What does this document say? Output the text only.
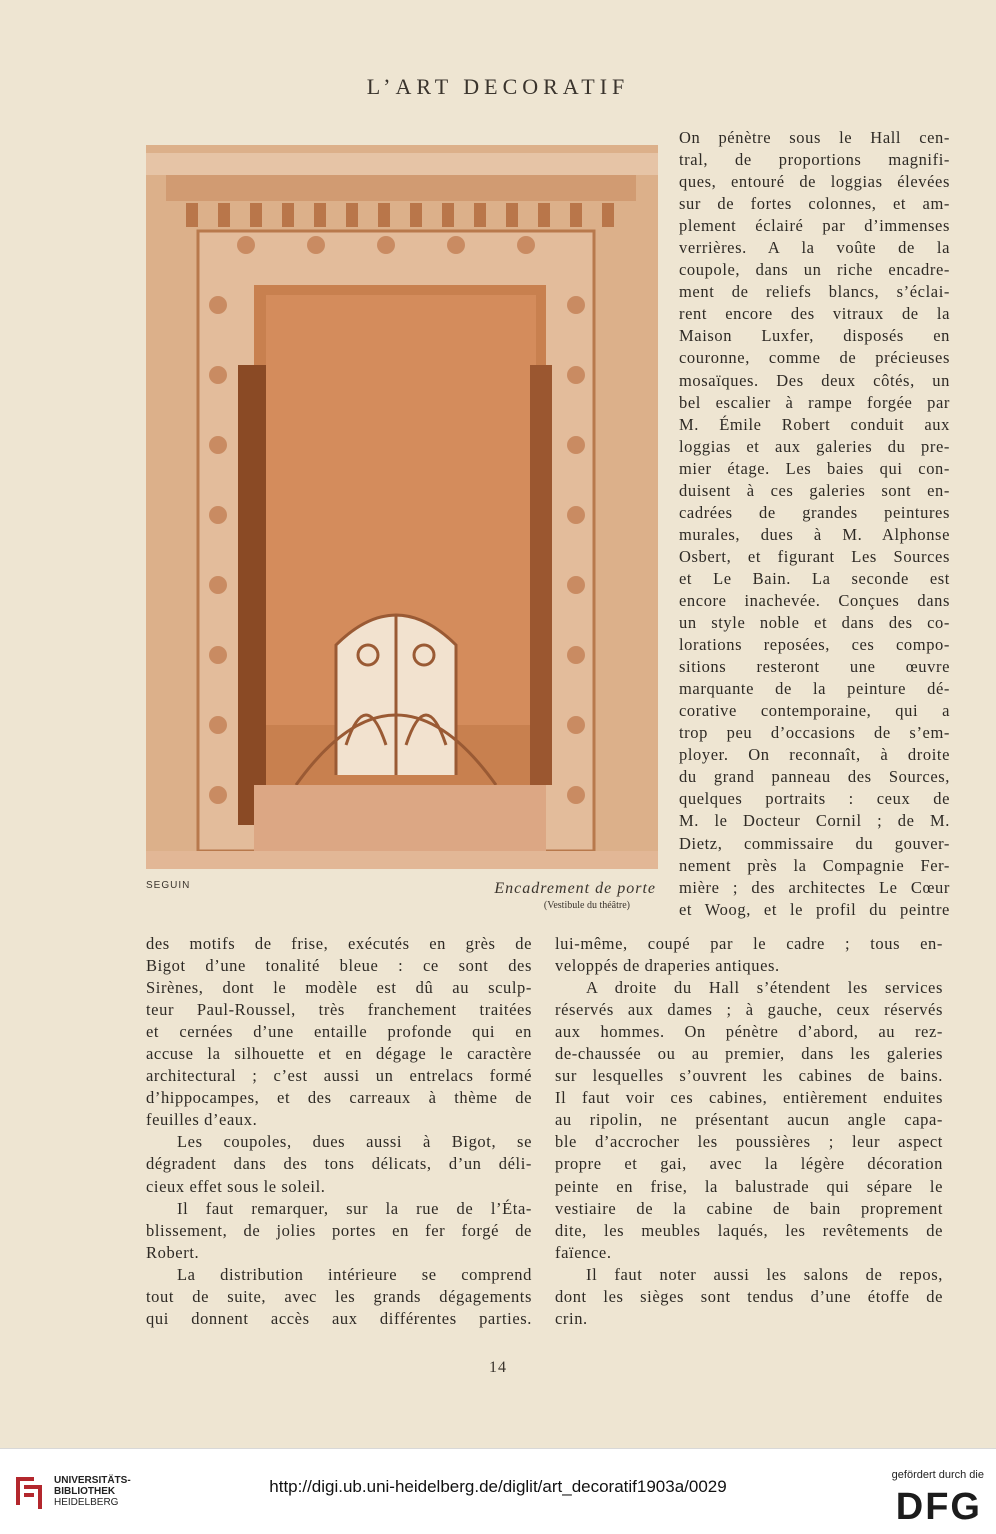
L’ART DECORATIF
SEGUIN	Encadrement de porte
(Vestibule du théâtre)
On pénètre sous le Hall cen-
tral, de proportions magnifi-
ques, entouré de loggias élevées
sur de fortes colonnes, et am-
plement éclairé par d’immenses
verrières. A la voûte de la
coupole, dans un riche encadre-
ment de reliefs blancs, s’éclai-
rent encore des vitraux de la
Maison Luxfer, disposés en
couronne, comme de précieuses
mosaïques. Des deux côtés, un
bel escalier à rampe forgée par
M. Émile Robert conduit aux
loggias et aux galeries du pre-
mier étage. Les baies qui con-
duisent à ces galeries sont en-
cadrées de grandes peintures
murales, dues à M. Alphonse
Osbert, et figurant Les Sources
et Le Bain. La seconde est
encore inachevée. Conçues dans
un style noble et dans des co-
lorations reposées, ces compo-
sitions resteront une œuvre
marquante de la peinture dé-
corative contemporaine, qui a
trop peu d’occasions de s’em-
ployer. On reconnaît, à droite
du grand panneau des Sources,
quelques portraits : ceux de
M. le Docteur Cornil ; de M.
Dietz, commissaire du gouver-
nement près la Compagnie Fer-
mière ; des architectes Le Cœur
et Woog, et le profil du peintre
des motifs de frise, exécutés en grès de
Bigot d’une tonalité bleue : ce sont des
Sirènes, dont le modèle est dû au sculp-
teur Paul-Roussel, très franchement traitées
et cernées d’une entaille profonde qui en
accuse la silhouette et en dégage le caractère
architectural ; c’est aussi un entrelacs formé
d’hippocampes, et des carreaux à thème de
feuilles d’eaux.
Les coupoles, dues aussi à Bigot, se
dégradent dans des tons délicats, d’un déli-
cieux effet sous le soleil.
Il faut remarquer, sur la rue de l’Éta-
blissement, de jolies portes en fer forgé de
Robert.
La distribution intérieure se comprend
tout de suite, avec les grands dégagements
qui donnent accès aux différentes parties.
lui-même, coupé par le cadre ; tous en-
veloppés de draperies antiques.
A droite du Hall s’étendent les services
réservés aux dames ; à gauche, ceux réservés
aux hommes. On pénètre d’abord, au rez-
de-chaussée ou au premier, dans les galeries
sur lesquelles s’ouvrent les cabines de bains.
Il faut voir ces cabines, entièrement enduites
au ripolin, ne présentant aucun angle capa-
ble d’accrocher les poussières ; leur aspect
propre et gai, avec la légère décoration
peinte en frise, la balustrade qui sépare le
vestiaire de la cabine de bain proprement
dite, les meubles laqués, les revêtements de
faïence.
Il faut noter aussi les salons de repos,
dont les sièges sont tendus d’une étoffe de
crin.
14
UNIVERSITÄTS-
BIBLIOTHEK
HEIDELBERG
http://digi.ub.uni-heidelberg.de/diglit/art_decoratif1903a/0029
gefördert durch die
DFG
